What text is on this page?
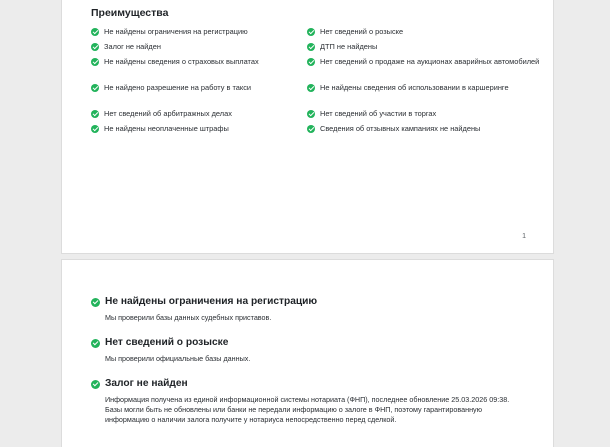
Преимущества
Не найдены ограничения на регистрацию	Нет сведений о розыске
Залог не найден	ДТП не найдены
Не найдены сведения о страховых выплатах	Нет сведений о продаже на аукционах аварийных автомобилей
Не найдено разрешение на работу в такси	Не найдены сведения об использовании в каршеринге
Нет сведений об арбитражных делах	Нет сведений об участии в торгах
Не найдены неоплаченные штрафы	Сведения об отзывных кампаниях не найдены
1
Не найдены ограничения на регистрацию
Мы проверили базы данных судебных приставов.
Нет сведений о розыске
Мы проверили официальные базы данных.
Залог не найден
Информация получена из единой информационной системы нотариата (ФНП), последнее обновление 25.03.2026 09:38. Базы могли быть не обновлены или банки не передали информацию о залоге в ФНП, поэтому гарантированную информацию о наличии залога получите у нотариуса непосредственно перед сделкой.
